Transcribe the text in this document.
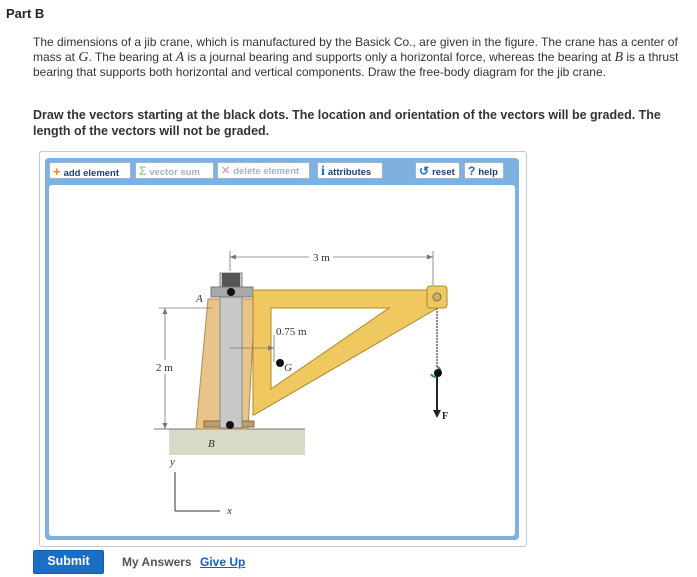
Part B

The dimensions of a jib crane, which is manufactured by the Basick Co., are given in the figure. The crane has a center of mass at G. The bearing at A is a journal bearing and supports only a horizontal force, whereas the bearing at B is a thrust bearing that supports both horizontal and vertical components. Draw the free-body diagram for the jib crane.

Draw the vectors starting at the black dots. The location and orientation of the vectors will be graded. The length of the vectors will not be graded.

+ add element	Σ vector sum	✕ delete element	i attributes	↺ reset	? help
F
3 m
0.75 m
2 m
A
B
G
y
x
Submit	My Answers Give Up
